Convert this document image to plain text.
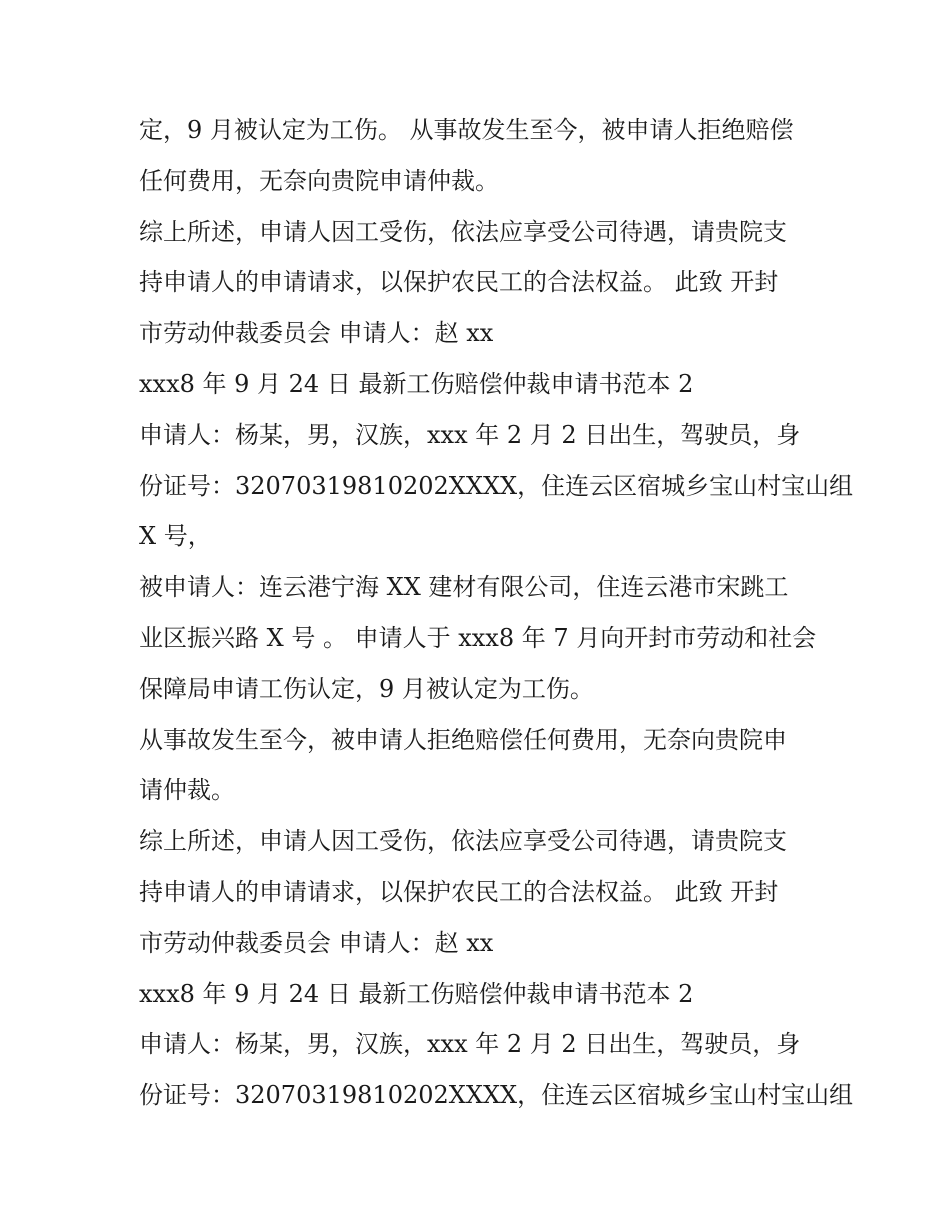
定，9 月被认定为工伤。 从事故发生至今，被申请人拒绝赔偿
任何费用，无奈向贵院申请仲裁。
综上所述，申请人因工受伤，依法应享受公司待遇，请贵院支
持申请人的申请请求，以保护农民工的合法权益。 此致 开封
市劳动仲裁委员会 申请人：赵 xx
xxx8 年 9 月 24 日 最新工伤赔偿仲裁申请书范本 2
申请人：杨某，男，汉族，xxx 年 2 月 2 日出生，驾驶员，身
份证号：32070319810202XXXX，住连云区宿城乡宝山村宝山组
X 号，
被申请人：连云港宁海 XX 建材有限公司，住连云港市宋跳工
业区振兴路 X 号 。 申请人于 xxx8 年 7 月向开封市劳动和社会
保障局申请工伤认定，9 月被认定为工伤。
从事故发生至今，被申请人拒绝赔偿任何费用，无奈向贵院申
请仲裁。
综上所述，申请人因工受伤，依法应享受公司待遇，请贵院支
持申请人的申请请求，以保护农民工的合法权益。 此致 开封
市劳动仲裁委员会 申请人：赵 xx
xxx8 年 9 月 24 日 最新工伤赔偿仲裁申请书范本 2
申请人：杨某，男，汉族，xxx 年 2 月 2 日出生，驾驶员，身
份证号：32070319810202XXXX，住连云区宿城乡宝山村宝山组
